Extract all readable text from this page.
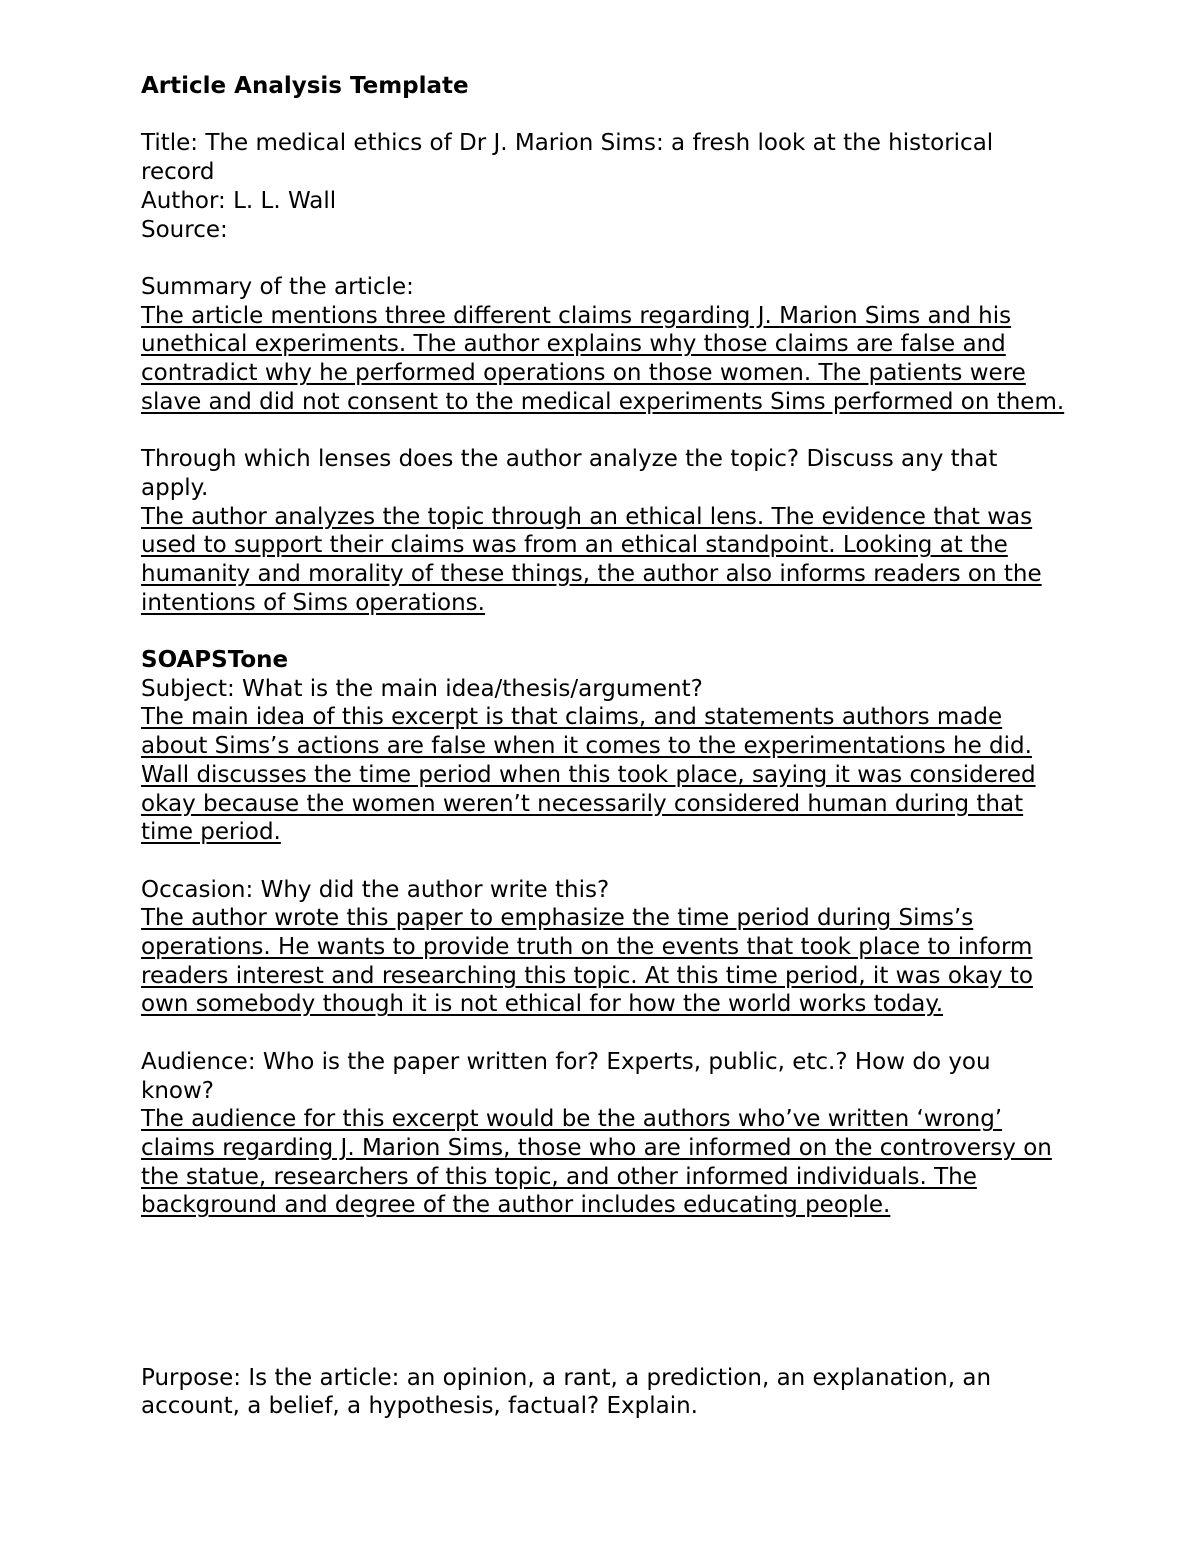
Article Analysis Template

Title: The medical ethics of Dr J. Marion Sims: a fresh look at the historical record

Author: L. L. Wall

Source:

Summary of the article:

The article mentions three different claims regarding J. Marion Sims and his unethical experiments. The author explains why those claims are false and contradict why he performed operations on those women. The patients were slave and did not consent to the medical experiments Sims performed on them.

Through which lenses does the author analyze the topic? Discuss any that apply.

The author analyzes the topic through an ethical lens. The evidence that was used to support their claims was from an ethical standpoint. Looking at the humanity and morality of these things, the author also informs readers on the intentions of Sims operations.

SOAPSTone

Subject: What is the main idea/thesis/argument?

The main idea of this excerpt is that claims, and statements authors made about Sims’s actions are false when it comes to the experimentations he did. Wall discusses the time period when this took place, saying it was considered okay because the women weren’t necessarily considered human during that time period.

Occasion: Why did the author write this?

The author wrote this paper to emphasize the time period during Sims’s operations. He wants to provide truth on the events that took place to inform readers interest and researching this topic. At this time period, it was okay to own somebody though it is not ethical for how the world works today.

Audience: Who is the paper written for? Experts, public, etc.? How do you know?

The audience for this excerpt would be the authors who’ve written ‘wrong’ claims regarding J. Marion Sims, those who are informed on the controversy on the statue, researchers of this topic, and other informed individuals. The background and degree of the author includes educating people.

Purpose: Is the article: an opinion, a rant, a prediction, an explanation, an account, a belief, a hypothesis, factual? Explain.
